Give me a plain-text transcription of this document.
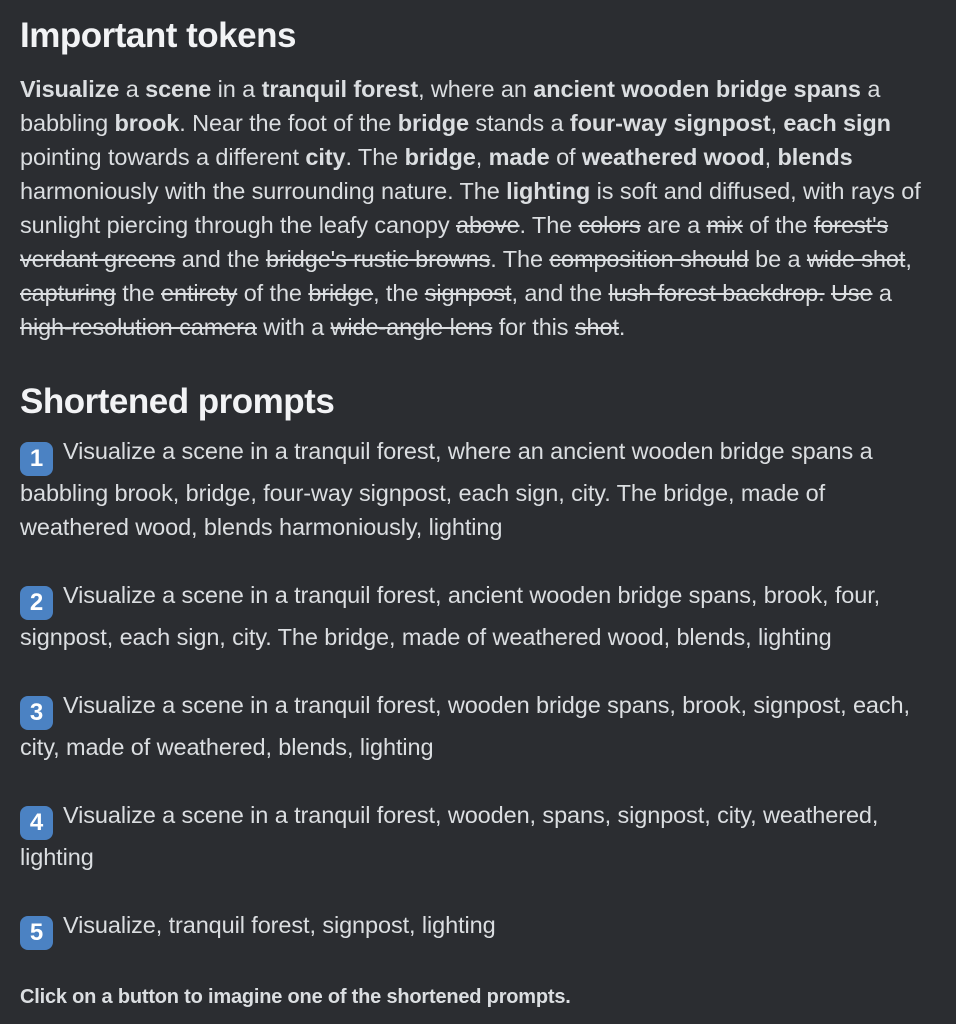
Important tokens

Visualize a scene in a tranquil forest, where an ancient wooden bridge spans a babbling brook. Near the foot of the bridge stands a four-way signpost, each sign pointing towards a different city. The bridge, made of weathered wood, blends harmoniously with the surrounding nature. The lighting is soft and diffused, with rays of sunlight piercing through the leafy canopy above. The colors are a mix of the forest's verdant greens and the bridge's rustic browns. The composition should be a wide shot, capturing the entirety of the bridge, the signpost, and the lush forest backdrop. Use a high-resolution camera with a wide-angle lens for this shot.

Shortened prompts

1 Visualize a scene in a tranquil forest, where an ancient wooden bridge spans a babbling brook, bridge, four-way signpost, each sign, city. The bridge, made of weathered wood, blends harmoniously, lighting

2 Visualize a scene in a tranquil forest, ancient wooden bridge spans, brook, four, signpost, each sign, city. The bridge, made of weathered wood, blends, lighting

3 Visualize a scene in a tranquil forest, wooden bridge spans, brook, signpost, each, city, made of weathered, blends, lighting

4 Visualize a scene in a tranquil forest, wooden, spans, signpost, city, weathered, lighting

5 Visualize, tranquil forest, signpost, lighting

Click on a button to imagine one of the shortened prompts.
